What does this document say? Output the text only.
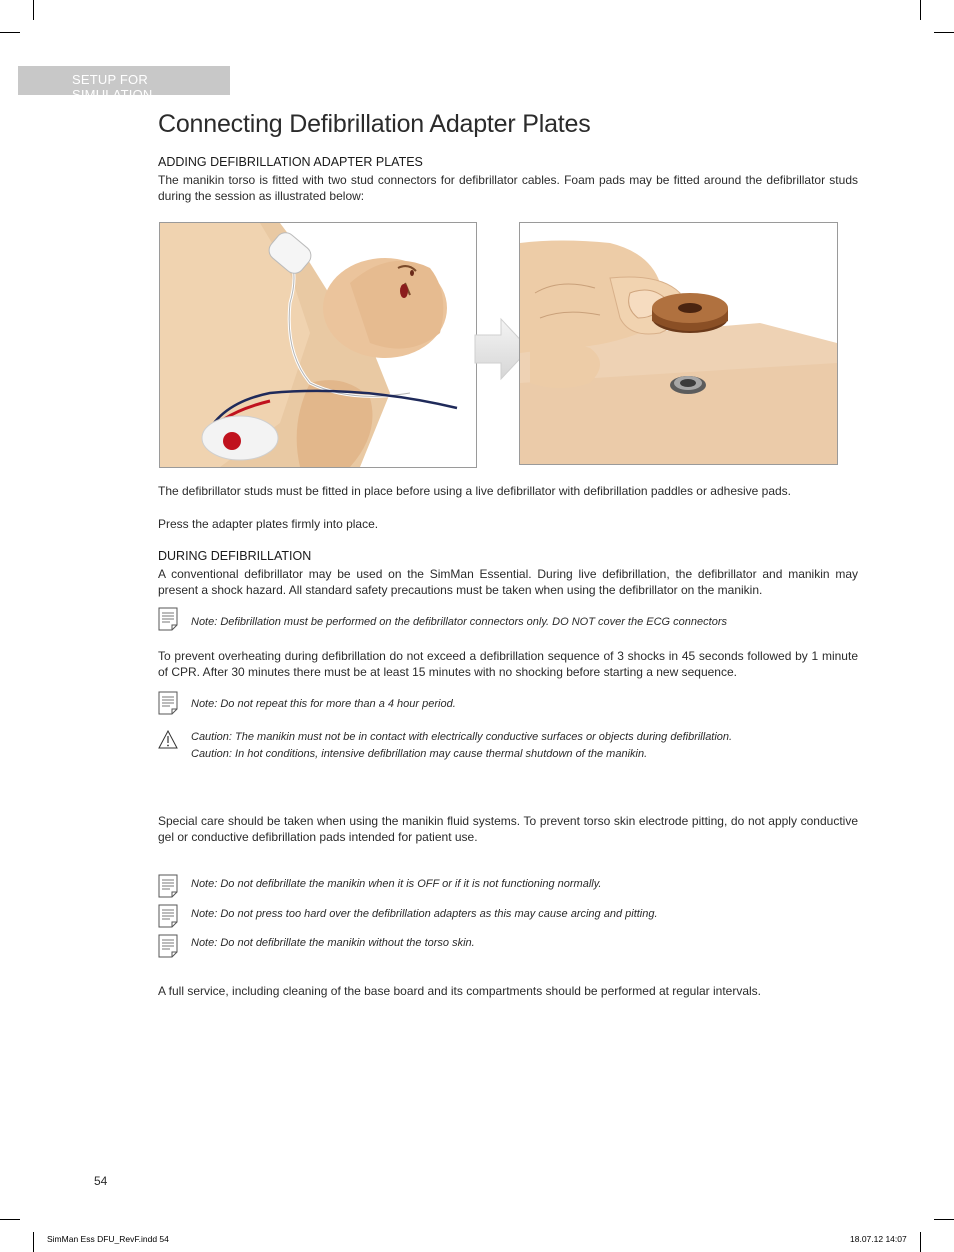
SETUP FOR SIMULATION
Connecting Defibrillation Adapter Plates
ADDING DEFIBRILLATION ADAPTER PLATES

The manikin torso is fitted with two stud connectors for defibrillator cables. Foam pads may be fitted around the defibrillator studs during the session as illustrated below:

The defibrillator studs must be fitted in place before using a live defibrillator with defibrillation paddles or adhesive pads.

Press the adapter plates firmly into place.

DURING DEFIBRILLATION

A conventional defibrillator may be used on the SimMan Essential. During live defibrillation, the defibrillator and manikin may present a shock hazard. All standard safety precautions must be taken when using the defibrillator on the manikin.

Note: Defibrillation must be performed on the defibrillator connectors only. DO NOT cover the ECG connectors

To prevent overheating during defibrillation do not exceed a defibrillation sequence of 3 shocks in 45 seconds followed by 1 minute of CPR. After 30 minutes there must be at least 15 minutes with no shocking before starting a new sequence.

Note: Do not repeat this for more than a 4 hour period.
Caution: The manikin must not be in contact with electrically conductive surfaces or objects during defibrillation.
Caution: In hot conditions, intensive defibrillation may cause thermal shutdown of the manikin.

Special care should be taken when using the manikin fluid systems. To prevent torso skin electrode pitting, do not apply conductive gel or conductive defibrillation pads intended for patient use.

Note: Do not defibrillate the manikin when it is OFF or if it is not functioning normally.
Note: Do not press too hard over the defibrillation adapters as this may cause arcing and pitting.
Note: Do not defibrillate the manikin without the torso skin.

A full service, including cleaning of the base board and its compartments should be performed at regular intervals.

54
SimMan Ess DFU_RevF.indd 54	18.07.12 14:07
